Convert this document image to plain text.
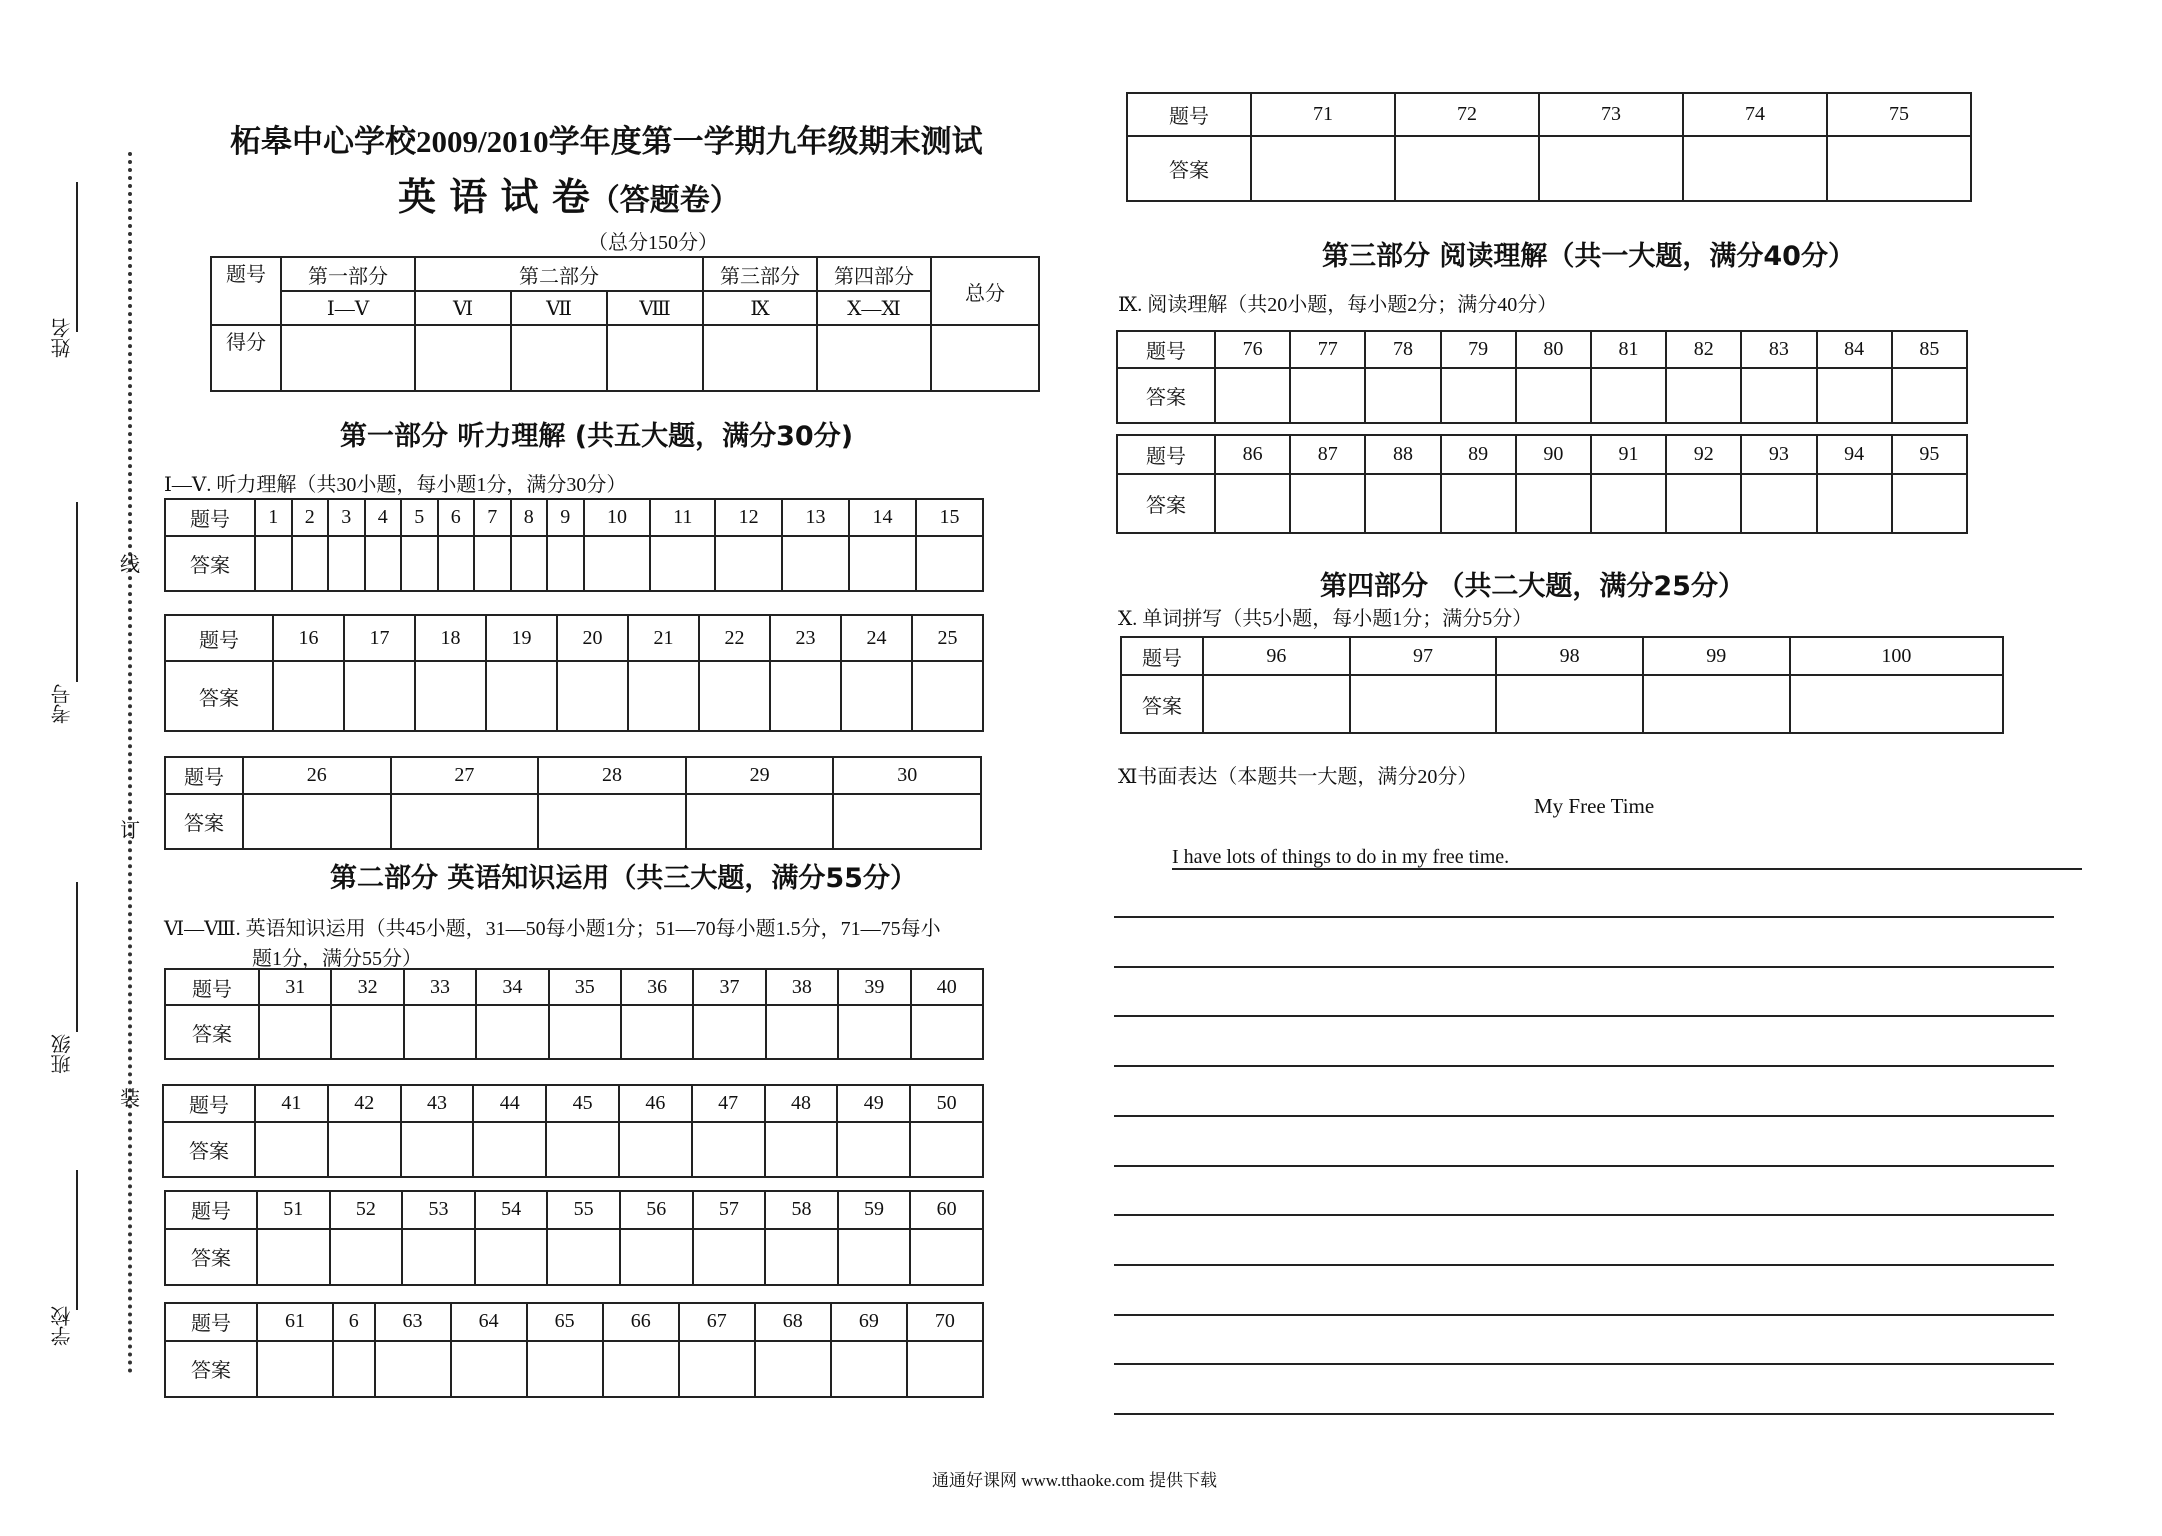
姓名
考号
班级
学校
线
订
装
柘皋中心学校2009/2010学年度第一学期九年级期末测试
英 语 试 卷（答题卷）
（总分150分）
题号	第一部分	第二部分			第三部分	第四部分	总分
	Ⅰ—Ⅴ	Ⅵ	Ⅶ	Ⅷ	Ⅸ	Ⅹ—Ⅺ	
得分							
第一部分 听力理解 (共五大题，满分30分)
Ⅰ—Ⅴ. 听力理解（共30小题，每小题1分，满分30分）
题号	1	2	3	4	5	6	7	8	9	10	11	12	13	14	15
答案															
题号	16	17	18	19	20	21	22	23	24	25
答案										
题号	26	27	28	29	30
答案					
第二部分 英语知识运用（共三大题，满分55分）
Ⅵ—Ⅷ. 英语知识运用（共45小题，31—50每小题1分；51—70每小题1.5分，71—75每小
题1分，满分55分）
题号	31	32	33	34	35	36	37	38	39	40
答案										
题号	41	42	43	44	45	46	47	48	49	50
答案										
题号	51	52	53	54	55	56	57	58	59	60
答案										
题号	61	6	63	64	65	66	67	68	69	70
答案										
题号	71	72	73	74	75
答案					
第三部分 阅读理解（共一大题，满分40分）
Ⅸ. 阅读理解（共20小题，每小题2分；满分40分）
题号	76	77	78	79	80	81	82	83	84	85
答案										
题号	86	87	88	89	90	91	92	93	94	95
答案										
第四部分 （共二大题，满分25分）
Ⅹ. 单词拼写（共5小题，每小题1分；满分5分）
题号	96	97	98	99	100
答案					
Ⅺ书面表达（本题共一大题，满分20分）
My Free Time
I have lots of things to do in my free time.
通通好课网 www.tthaoke.com 提供下载
